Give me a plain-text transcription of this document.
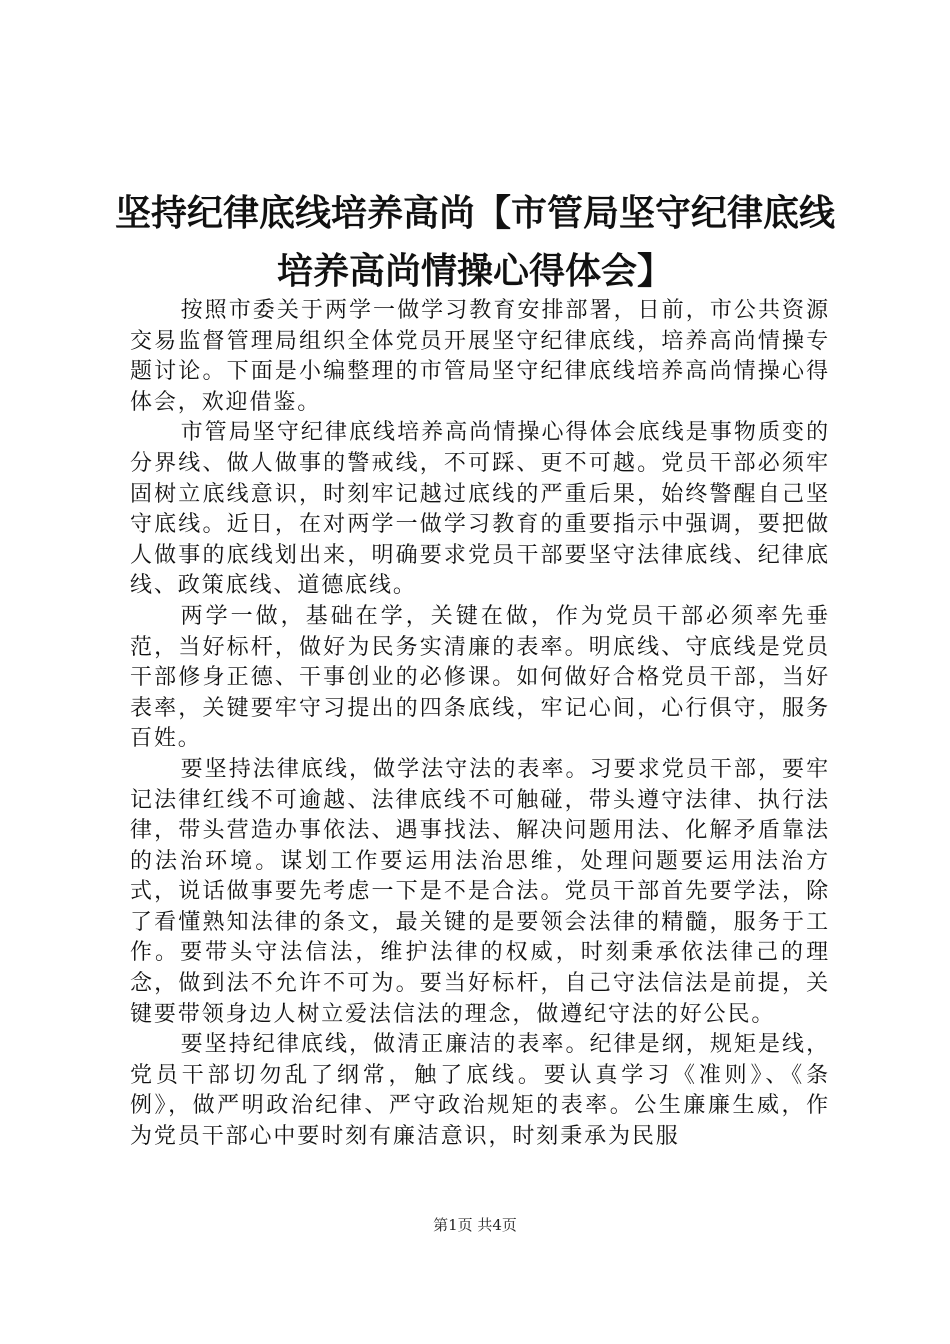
坚持纪律底线培养高尚【市管局坚守纪律底线
培养高尚情操心得体会】

按照市委关于两学一做学习教育安排部署，日前，市公共资源交易监督管理局组织全体党员开展坚守纪律底线，培养高尚情操专题讨论。下面是小编整理的市管局坚守纪律底线培养高尚情操心得体会，欢迎借鉴。

市管局坚守纪律底线培养高尚情操心得体会底线是事物质变的分界线、做人做事的警戒线，不可踩、更不可越。党员干部必须牢固树立底线意识，时刻牢记越过底线的严重后果，始终警醒自己坚守底线。近日，在对两学一做学习教育的重要指示中强调，要把做人做事的底线划出来，明确要求党员干部要坚守法律底线、纪律底线、政策底线、道德底线。

两学一做，基础在学，关键在做，作为党员干部必须率先垂范，当好标杆，做好为民务实清廉的表率。明底线、守底线是党员干部修身正德、干事创业的必修课。如何做好合格党员干部，当好表率，关键要牢守习提出的四条底线，牢记心间，心行俱守，服务百姓。

要坚持法律底线，做学法守法的表率。习要求党员干部，要牢记法律红线不可逾越、法律底线不可触碰，带头遵守法律、执行法律，带头营造办事依法、遇事找法、解决问题用法、化解矛盾靠法的法治环境。谋划工作要运用法治思维，处理问题要运用法治方式，说话做事要先考虑一下是不是合法。党员干部首先要学法，除了看懂熟知法律的条文，最关键的是要领会法律的精髓，服务于工作。要带头守法信法，维护法律的权威，时刻秉承依法律己的理念，做到法不允许不可为。要当好标杆，自己守法信法是前提，关键要带领身边人树立爱法信法的理念，做遵纪守法的好公民。

要坚持纪律底线，做清正廉洁的表率。纪律是纲，规矩是线，党员干部切勿乱了纲常，触了底线。要认真学习《准则》、《条例》，做严明政治纪律、严守政治规矩的表率。公生廉廉生威，作为党员干部心中要时刻有廉洁意识，时刻秉承为民服

第1页 共4页
